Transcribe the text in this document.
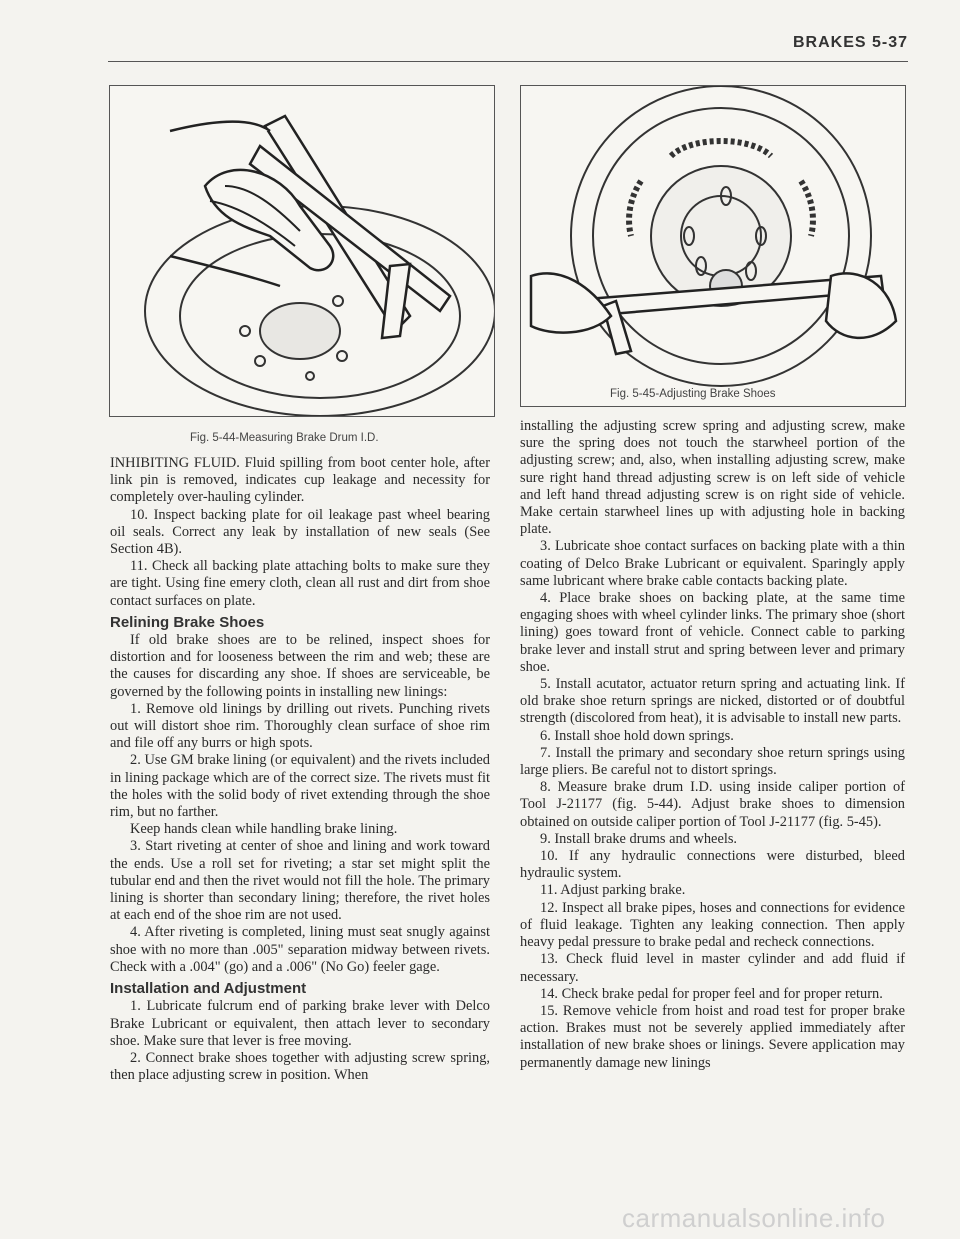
BRAKES 5-37
Fig. 5-44-Measuring Brake Drum I.D.
Fig. 5-45-Adjusting Brake Shoes

INHIBITING FLUID. Fluid spilling from boot center hole, after link pin is removed, indicates cup leakage and necessity for completely over-hauling cylinder.

10. Inspect backing plate for oil leakage past wheel bearing oil seals. Correct any leak by installation of new seals (See Section 4B).

11. Check all backing plate attaching bolts to make sure they are tight. Using fine emery cloth, clean all rust and dirt from shoe contact surfaces on plate.

Relining Brake Shoes

If old brake shoes are to be relined, inspect shoes for distortion and for looseness between the rim and web; these are the causes for discarding any shoe. If shoes are serviceable, be governed by the following points in installing new linings:

1. Remove old linings by drilling out rivets. Punching rivets out will distort shoe rim. Thoroughly clean surface of shoe rim and file off any burrs or high spots.

2. Use GM brake lining (or equivalent) and the rivets included in lining package which are of the correct size. The rivets must fit the holes with the solid body of rivet extending through the shoe rim, but no farther.

Keep hands clean while handling brake lining.

3. Start riveting at center of shoe and lining and work toward the ends. Use a roll set for riveting; a star set might split the tubular end and then the rivet would not fill the hole. The primary lining is shorter than secondary lining; therefore, the rivet holes at each end of the shoe rim are not used.

4. After riveting is completed, lining must seat snugly against shoe with no more than .005" separation midway between rivets. Check with a .004" (go) and a .006" (No Go) feeler gage.

Installation and Adjustment

1. Lubricate fulcrum end of parking brake lever with Delco Brake Lubricant or equivalent, then attach lever to secondary shoe. Make sure that lever is free moving.

2. Connect brake shoes together with adjusting screw spring, then place adjusting screw in position. When

installing the adjusting screw spring and adjusting screw, make sure the spring does not touch the starwheel portion of the adjusting screw; and, also, when installing adjusting screw, make sure right hand thread adjusting screw is on left side of vehicle and left hand thread adjusting screw is on right side of vehicle. Make certain starwheel lines up with adjusting hole in backing plate.

3. Lubricate shoe contact surfaces on backing plate with a thin coating of Delco Brake Lubricant or equivalent. Sparingly apply same lubricant where brake cable contacts backing plate.

4. Place brake shoes on backing plate, at the same time engaging shoes with wheel cylinder links. The primary shoe (short lining) goes toward front of vehicle. Connect cable to parking brake lever and install strut and spring between lever and primary shoe.

5. Install acutator, actuator return spring and actuating link. If old brake shoe return springs are nicked, distorted or of doubtful strength (discolored from heat), it is advisable to install new parts.

6. Install shoe hold down springs.

7. Install the primary and secondary shoe return springs using large pliers. Be careful not to distort springs.

8. Measure brake drum I.D. using inside caliper portion of Tool J-21177 (fig. 5-44). Adjust brake shoes to dimension obtained on outside caliper portion of Tool J-21177 (fig. 5-45).

9. Install brake drums and wheels.

10. If any hydraulic connections were disturbed, bleed hydraulic system.

11. Adjust parking brake.

12. Inspect all brake pipes, hoses and connections for evidence of fluid leakage. Tighten any leaking connection. Then apply heavy pedal pressure to brake pedal and recheck connections.

13. Check fluid level in master cylinder and add fluid if necessary.

14. Check brake pedal for proper feel and for proper return.

15. Remove vehicle from hoist and road test for proper brake action. Brakes must not be severely applied immediately after installation of new brake shoes or linings. Severe application may permanently damage new linings

carmanualsonline.info
